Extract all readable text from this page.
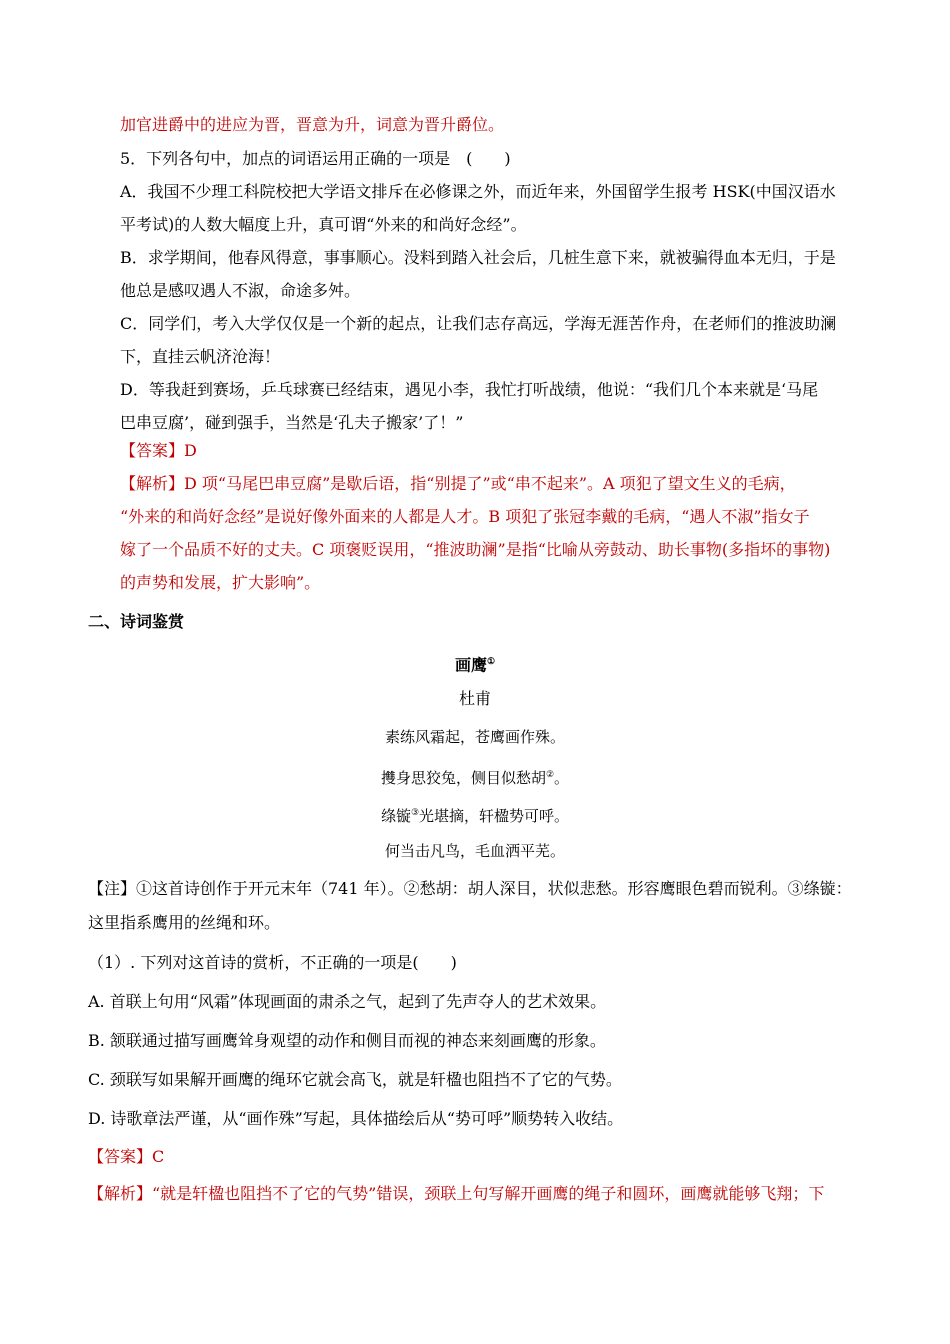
加官进爵中的进应为晋，晋意为升，词意为晋升爵位。
5．下列各句中，加点的词语运用正确的一项是　(　　)
A．我国不少理工科院校把大学语文排斥在必修课之外，而近年来，外国留学生报考 HSK(中国汉语水
平考试)的人数大幅度上升，真可谓“外来的和尚好念经”。
B．求学期间，他春风得意，事事顺心。没料到踏入社会后，几桩生意下来，就被骗得血本无归，于是
他总是感叹遇人不淑，命途多舛。
C．同学们，考入大学仅仅是一个新的起点，让我们志存高远，学海无涯苦作舟，在老师们的推波助澜
下，直挂云帆济沧海！
D．等我赶到赛场，乒乓球赛已经结束，遇见小李，我忙打听战绩，他说：“我们几个本来就是‘马尾
巴串豆腐’，碰到强手，当然是‘孔夫子搬家’了！”
【答案】D
【解析】D 项“马尾巴串豆腐”是歇后语，指“别提了”或“串不起来”。A 项犯了望文生义的毛病，
“外来的和尚好念经”是说好像外面来的人都是人才。B 项犯了张冠李戴的毛病，“遇人不淑”指女子
嫁了一个品质不好的丈夫。C 项褒贬误用，“推波助澜”是指“比喻从旁鼓动、助长事物(多指坏的事物)
的声势和发展，扩大影响”。
二、诗词鉴赏
画鹰①
杜甫
素练风霜起，苍鹰画作殊。
㩳身思狡兔，侧目似愁胡②。
绦镟③光堪摘，轩楹势可呼。
何当击凡鸟，毛血洒平芜。
【注】①这首诗创作于开元末年（741 年）。②愁胡：胡人深目，状似悲愁。形容鹰眼色碧而锐利。③绦镟：
这里指系鹰用的丝绳和环。
（1）. 下列对这首诗的赏析，不正确的一项是(　　)
A. 首联上句用“风霜”体现画面的肃杀之气，起到了先声夺人的艺术效果。
B. 颔联通过描写画鹰耸身观望的动作和侧目而视的神态来刻画鹰的形象。
C. 颈联写如果解开画鹰的绳环它就会高飞，就是轩楹也阻挡不了它的气势。
D. 诗歌章法严谨，从“画作殊”写起，具体描绘后从“势可呼”顺势转入收结。
【答案】C
【解析】“就是轩楹也阻挡不了它的气势”错误，颈联上句写解开画鹰的绳子和圆环，画鹰就能够飞翔；下
